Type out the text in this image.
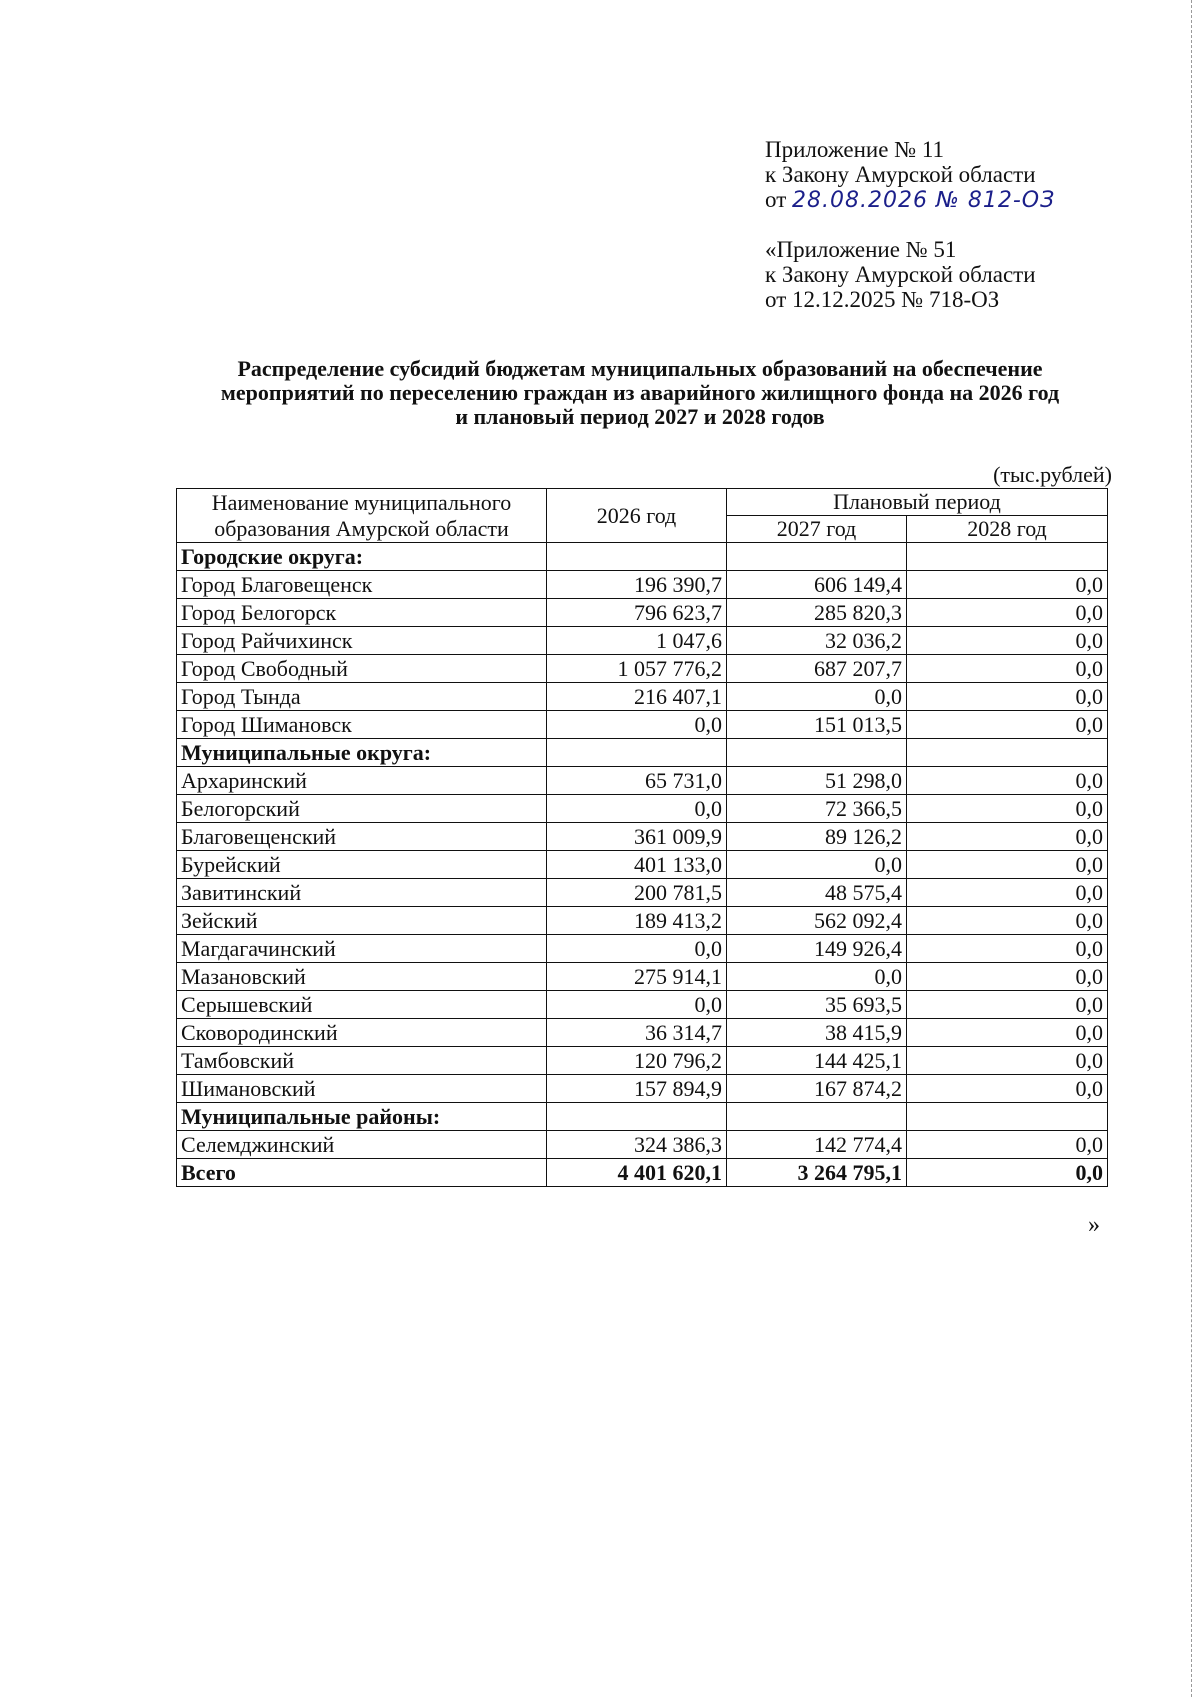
Приложение № 11
к Закону Амурской области
от 28.08.2026 № 812-ОЗ
«Приложение № 51
к Закону Амурской области
от 12.12.2025 № 718-ОЗ
Распределение субсидий бюджетам муниципальных образований на обеспечение
мероприятий по переселению граждан из аварийного жилищного фонда на 2026 год
и плановый период 2027 и 2028 годов
(тыс.рублей)
Наименование муниципального
образования Амурской области	2026 год	Плановый период	
		2027 год	2028 год
Городские округа:			
Город Благовещенск	196 390,7	606 149,4	0,0
Город Белогорск	796 623,7	285 820,3	0,0
Город Райчихинск	1 047,6	32 036,2	0,0
Город Свободный	1 057 776,2	687 207,7	0,0
Город Тында	216 407,1	0,0	0,0
Город Шимановск	0,0	151 013,5	0,0
Муниципальные округа:			
Архаринский	65 731,0	51 298,0	0,0
Белогорский	0,0	72 366,5	0,0
Благовещенский	361 009,9	89 126,2	0,0
Бурейский	401 133,0	0,0	0,0
Завитинский	200 781,5	48 575,4	0,0
Зейский	189 413,2	562 092,4	0,0
Магдагачинский	0,0	149 926,4	0,0
Мазановский	275 914,1	0,0	0,0
Серышевский	0,0	35 693,5	0,0
Сковородинский	36 314,7	38 415,9	0,0
Тамбовский	120 796,2	144 425,1	0,0
Шимановский	157 894,9	167 874,2	0,0
Муниципальные районы:			
Селемджинский	324 386,3	142 774,4	0,0
Всего	4 401 620,1	3 264 795,1	0,0
»
